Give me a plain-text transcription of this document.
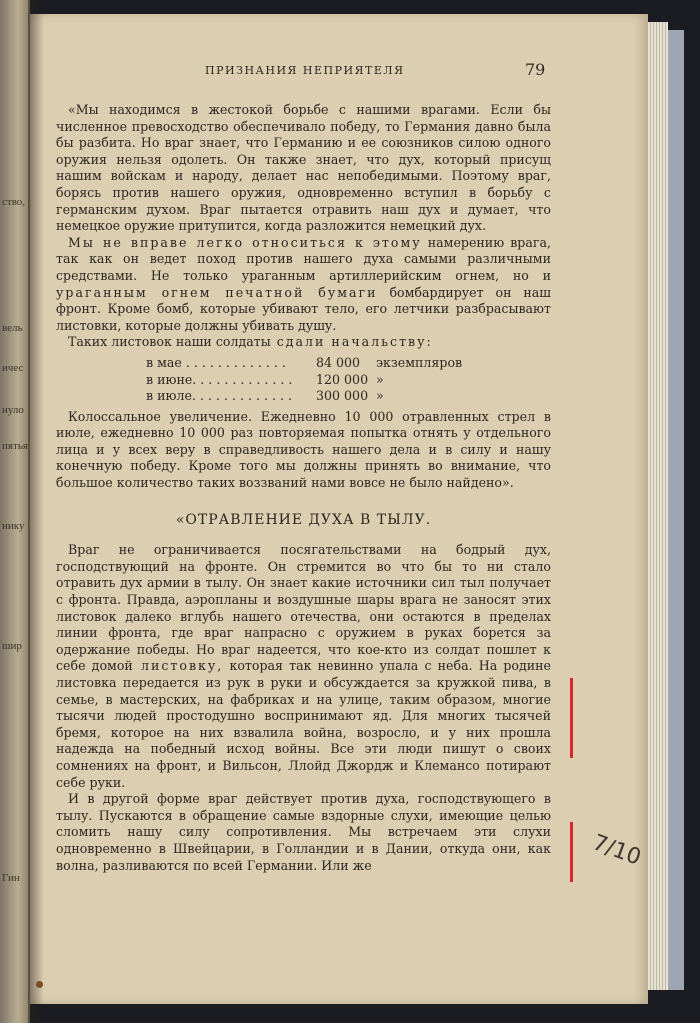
ство,
вель
ичес
нуло
пятья
нику
шир
Гин
ПРИЗНАНИЯ НЕПРИЯТЕЛЯ	79

«Мы находимся в жестокой борьбе с нашими врагами. Если бы численное превосходство обеспечивало победу, то Германия давно была бы разбита. Но враг знает, что Германию и ее союзников силою одного оружия нельзя одолеть. Он также знает, что дух, который присущ нашим войскам и народу, делает нас непобедимыми. Поэтому враг, борясь против нашего оружия, одновременно вступил в борьбу с германским духом. Враг пытается отравить наш дух и думает, что немецкое оружие притупится, когда разложится немецкий дух.

Мы не вправе легко относиться к этому намерению врага, так как он ведет поход против нашего духа самыми различными средствами. Не только ураганным артиллерийским огнем, но и ураганным огнем печатной бумаги бомбардирует он наш фронт. Кроме бомб, которые убивают тело, его летчики разбрасывают листовки, которые должны убивать душу.

Таких листовок наши солдаты сдали начальству:

в мае . . . . . . . . . . . . .	84 000	экземпляров
в июне. . . . . . . . . . . . .	120 000 »
в июле. . . . . . . . . . . . .	300 000 »

Колоссальное увеличение. Ежедневно 10 000 отравленных стрел в июле, ежедневно 10 000 раз повторяемая попытка отнять у отдельного лица и у всех веру в справедливость нашего дела и в силу и нашу конечную победу. Кроме того мы должны принять во внимание, что большое количество таких воззваний нами вовсе не было найдено».

«ОТРАВЛЕНИЕ ДУХА В ТЫЛУ.

Враг не ограничивается посягательствами на бодрый дух, господствующий на фронте. Он стремится во что бы то ни стало отравить дух армии в тылу. Он знает какие источники сил тыл получает с фронта. Правда, аэропланы и воздушные шары врага не заносят этих листовок далеко вглубь нашего отечества, они остаются в пределах линии фронта, где враг напрасно с оружием в руках борется за одержание победы. Но враг надеется, что кое-кто из солдат пошлет к себе домой листовку, которая так невинно упала с неба. На родине листовка передается из рук в руки и обсуждается за кружкой пива, в семье, в мастерских, на фабриках и на улице, таким образом, многие тысячи людей простодушно воспринимают яд. Для многих тысячей бремя, которое на них взвалила война, возросло, и у них прошла надежда на победный исход войны. Все эти люди пишут о своих сомнениях на фронт, и Вильсон, Ллойд Джордж и Клемансо потирают себе руки.

И в другой форме враг действует против духа, господствующего в тылу. Пускаются в обращение самые вздорные слухи, имеющие целью сломить нашу силу сопротивления. Мы встречаем эти слухи одновременно в Швейцарии, в Голландии и в Дании, откуда они, как волна, разливаются по всей Германии. Или же	7/10
